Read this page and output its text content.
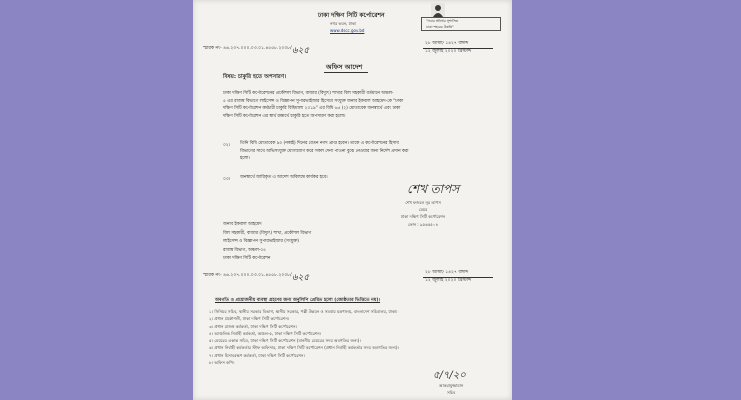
ঢাকা দক্ষিণ সিটি কর্পোরেশন
নগর ভবন, ঢাকা
www.dscc.gov.bd
"সবার স্বনির্ভর সুশাসিত
ঢাকা শহরের উন্নতি"
স্মারক নং- ৪৬.২০৭.০০০.০৩.০১.৪৫৫৮.২০০৮/ ৬২৫
২৮ আষাঢ় ১৪২৭ বঙ্গাব্দ
১২ জুলাই ২০২০ খ্রিস্টাব্দ
অফিস আদেশ
বিষয়: চাকুরি হতে অপসারণ।
ঢাকা দক্ষিণ সিটি কর্পোরেশনের প্রকৌশল বিভাগ, বাজার (বিদ্যুৎ) শাখার বিল সহকারী বর্তমানে অঞ্চল-
৫ এর রাজস্ব বিভাগে লাইসেন্স ও বিজ্ঞাপন সুপারভাইজার হিসেবে সংযুক্ত জনাব ইকবাল আহমেদ-কে "ঢাকা
দক্ষিণ সিটি কর্পোরেশন কর্মচারী চাকুরি বিধিমালা ২০১৯" এর বিধি ৬৫ (২) মোতাবেক জনস্বার্থে এবং ঢাকা
দক্ষিণ সিটি কর্পোরেশন এর স্বার্থ রক্ষার্থে চাকুরি হতে অপসারণ করা হলো।
০২। তিনি বিধি মোতাবেক ৯০ (নব্বই) দিনের বেতন নগদ প্রাপ্ত হবেন। তাকে এ কর্পোরেশনের হিসাব
বিভাগের সাথে অভিসংযুক্ত যোগাযোগ করে সকল দেনা পাওনা বুঝে নেওয়ার জন্য নির্দেশ প্রদান করা
হলো।
০৩। জনস্বার্থে জারিকৃত এ আদেশ অবিলম্বে কার্যকর হবে।
শেখ তাপস
শেখ ফজলে নূর তাপস
মেয়র
ঢাকা দক্ষিণ সিটি কর্পোরেশন
ফোন : ৯৫৬৫৫০৪
জনাব ইকবাল আহমেদ
বিল সহকারী, বাজার (বিদ্যুৎ) শাখা, প্রকৌশল বিভাগ
লাইসেন্স ও বিজ্ঞাপন সুপারভাইজার (সংযুক্ত)
রাজস্ব বিভাগ, অঞ্চল-০৫
ঢাকা দক্ষিণ সিটি কর্পোরেশন
স্মারক নং- ৪৬.২০৭.০০০.০৩.০১.৪৫৫৮.২০০৮/ ৬২৫
২৮ আষাঢ় ১৪২৭ বঙ্গাব্দ
১২ জুলাই ২০২০ খ্রিস্টাব্দ
অবগতি ও প্রয়োজনীয় ব্যবস্থা গ্রহণের জন্য অনুলিপি প্রেরিত হলো (জ্যেষ্ঠতার ভিত্তিতে নয়)।
১। সিনিয়র সচিব, স্থানীয় সরকার বিভাগ, স্থানীয় সরকার, পল্লী উন্নয়ন ও সমবায় মন্ত্রণালয়, বাংলাদেশ সচিবালয়, ঢাকা।
২। প্রধান প্রকৌশলী, ঢাকা দক্ষিণ সিটি কর্পোরেশন।
৩। প্রধান রাজস্ব কর্মকর্তা, ঢাকা দক্ষিণ সিটি কর্পোরেশন।
৪। আঞ্চলিক নির্বাহী কর্মকর্তা, অঞ্চল-৫, ঢাকা দক্ষিণ সিটি কর্পোরেশন।
৫। মেয়রের একান্ত সচিব, ঢাকা দক্ষিণ সিটি কর্পোরেশন (মাননীয় মেয়রের সদয় অবগতির জন্য)।
৬। প্রধান নির্বাহী কর্মকর্তার স্টাফ অফিসার, ঢাকা দক্ষিণ সিটি কর্পোরেশন (প্রধান নির্বাহী কর্মকর্তার সদয় অবগতির জন্য)।
৭। প্রধান হিসাবরক্ষণ কর্মকর্তা, ঢাকা দক্ষিণ সিটি কর্পোরেশন।
৮। অফিস কপি।
৫/৭/২০
আকরামুজ্জামান
সচিব
